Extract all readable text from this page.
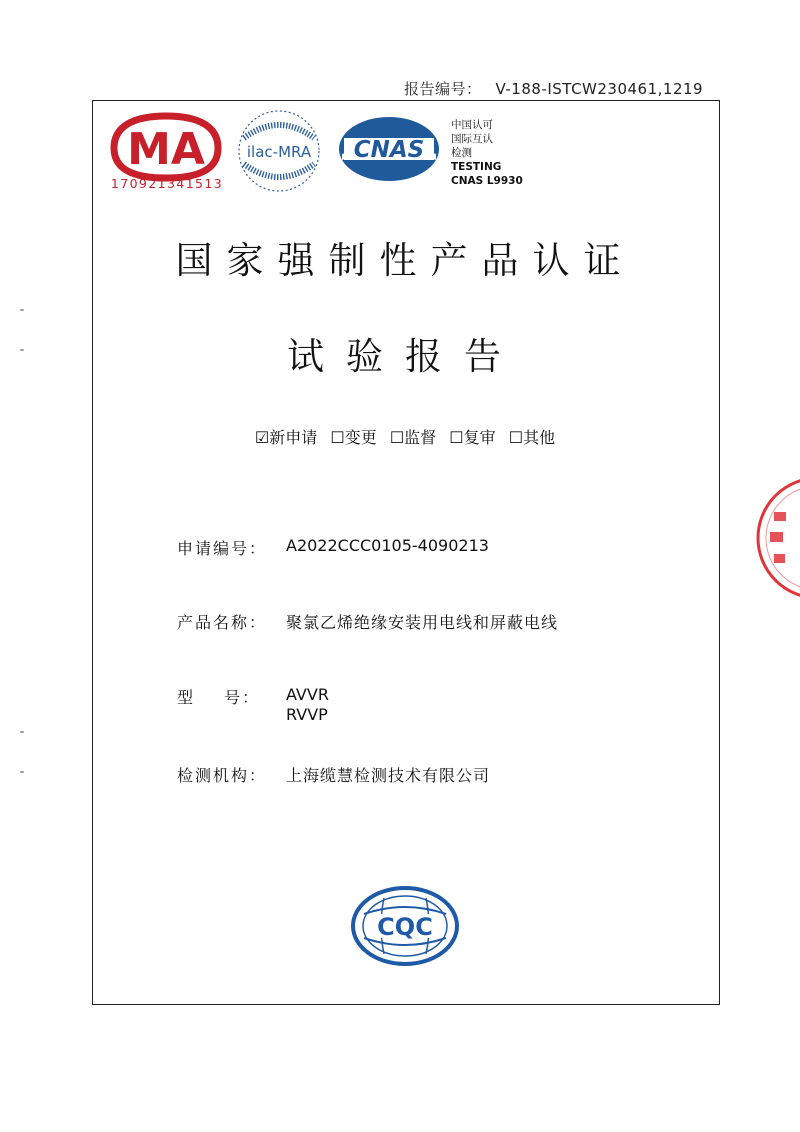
报告编号： V-188-ISTCW230461,1219
MA
170921341513
ilac-MRA CNAS
中国认可
国际互认
检测
TESTING
CNAS L9930
国家强制性产品认证
试验报告
☑新申请 ☐变更 ☐监督 ☐复审 ☐其他
申请编号： A2022CCC0105-4090213
产品名称： 聚氯乙烯绝缘安装用电线和屏蔽电线
型 号： AVVR
RVVP
检测机构： 上海缆慧检测技术有限公司
CQC
